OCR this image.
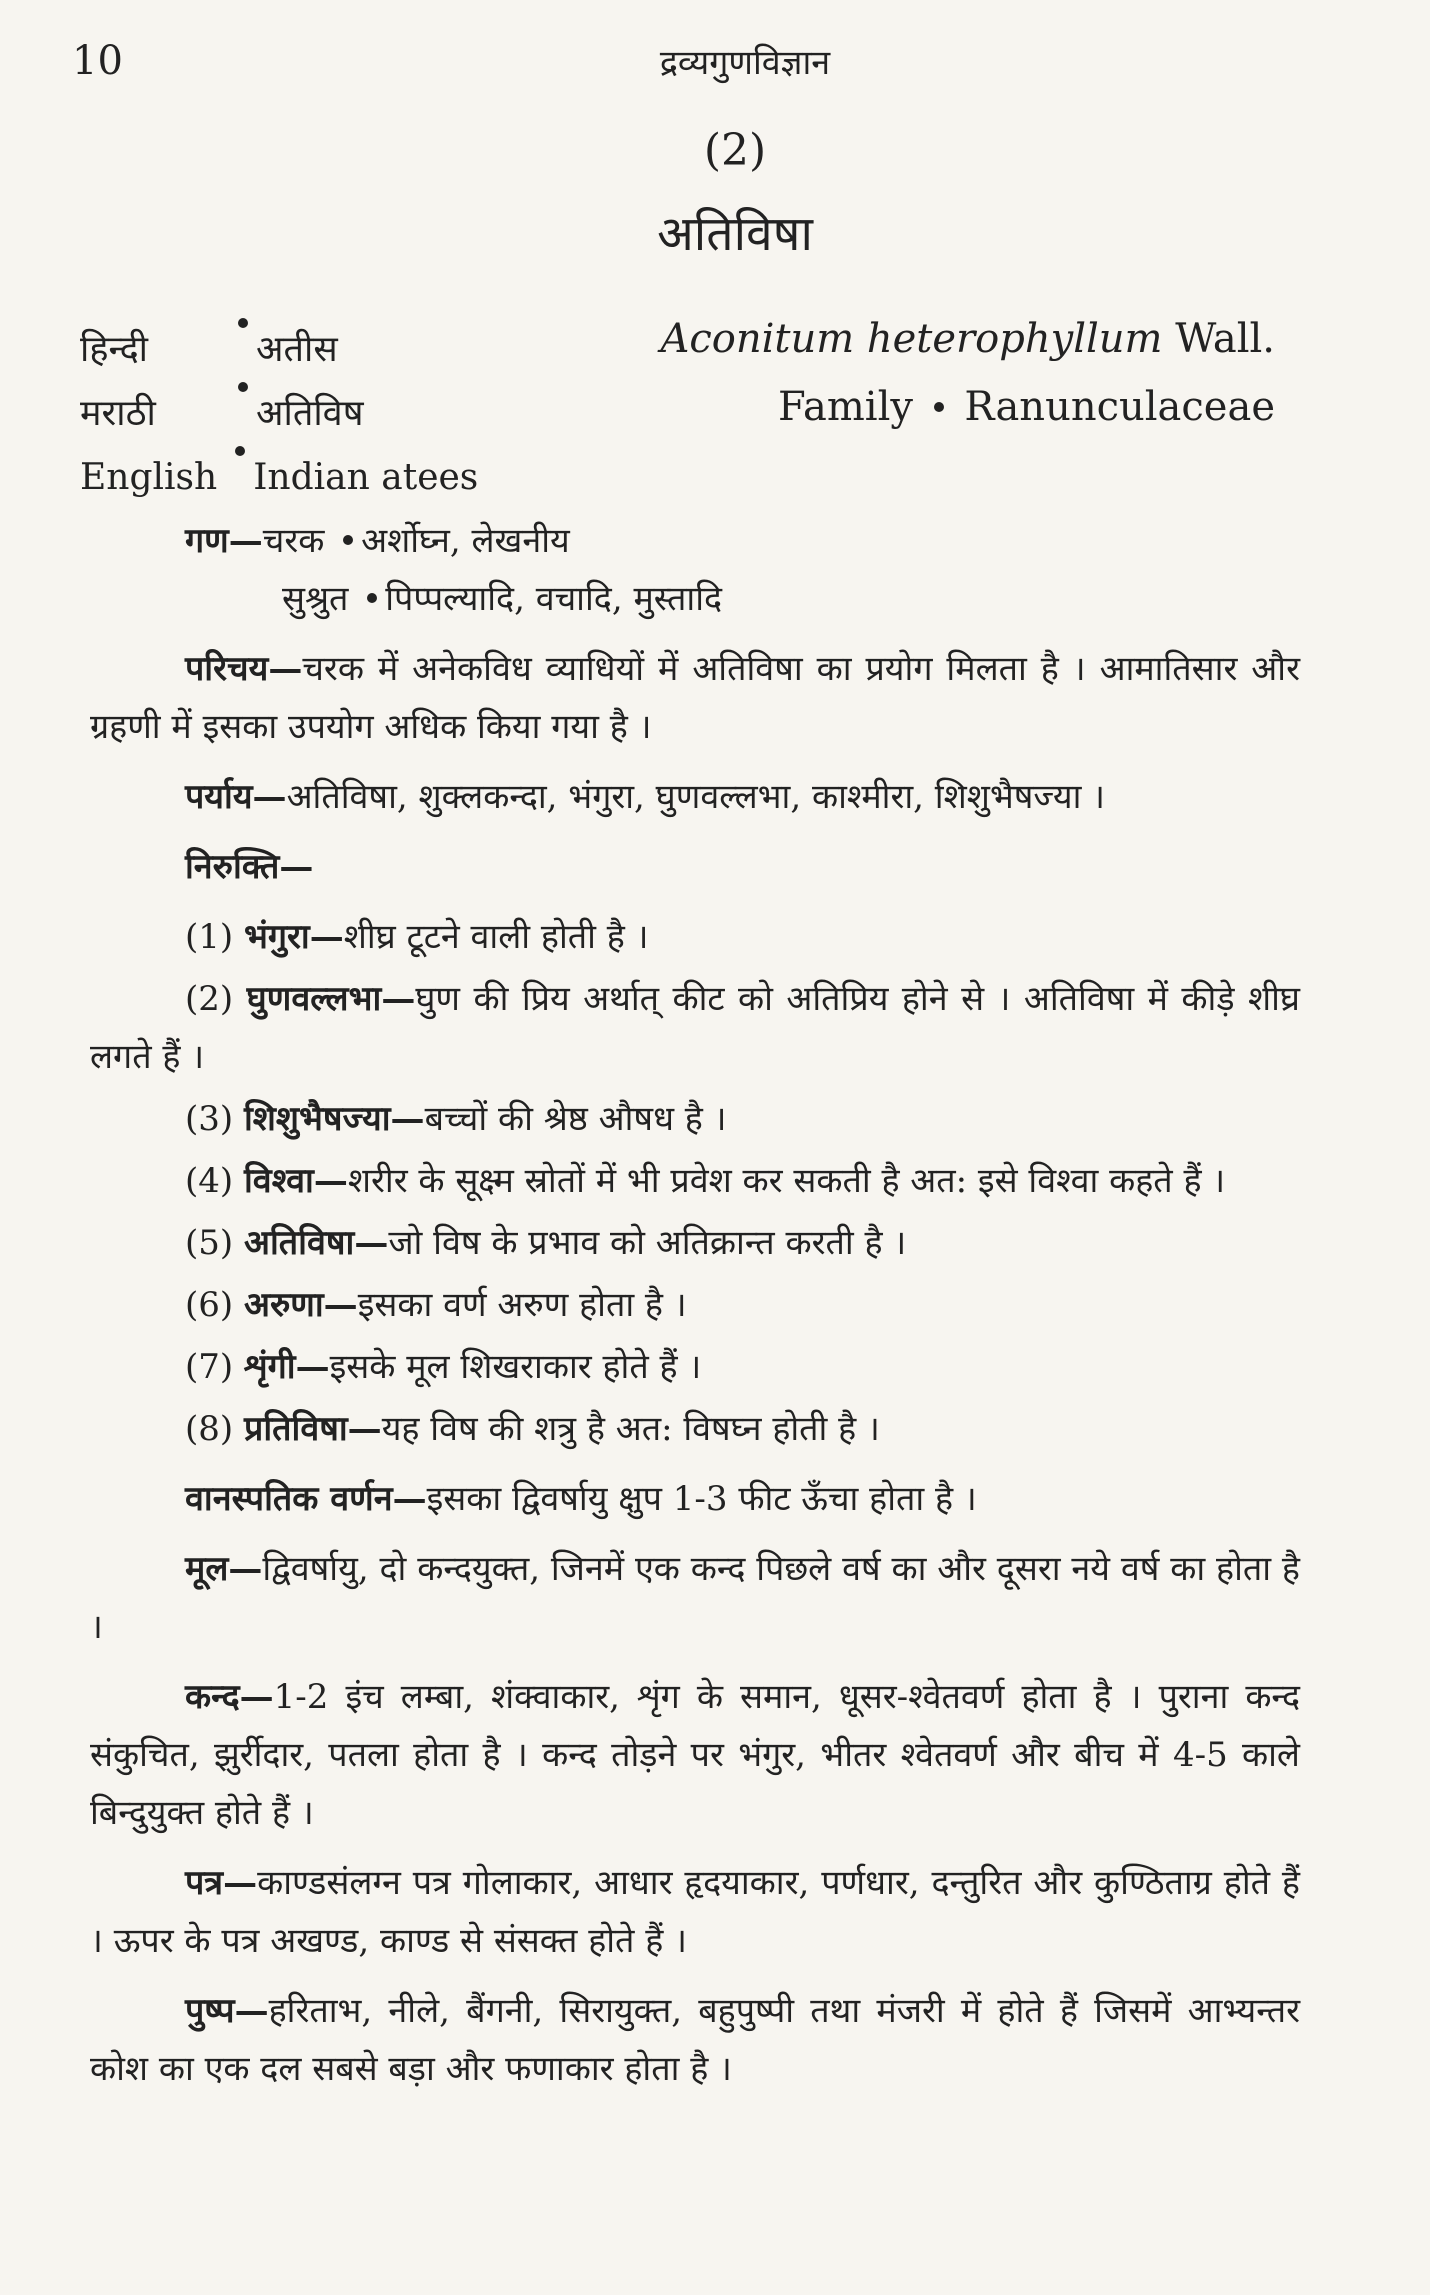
10	द्रव्यगुणविज्ञान
(2)
अतिविषा
हिन्दी	अतीस
मराठी	अतिविष
English Indian atees
Aconitum heterophyllum Wall.
Family Ranunculaceae

गण—चरक अर्शोघ्न, लेखनीय

सुश्रुत पिप्पल्यादि, वचादि, मुस्तादि

परिचय—चरक में अनेकविध व्याधियों में अतिविषा का प्रयोग मिलता है । आमातिसार और ग्रहणी में इसका उपयोग अधिक किया गया है ।

पर्याय—अतिविषा, शुक्लकन्दा, भंगुरा, घुणवल्लभा, काश्मीरा, शिशुभैषज्या ।

निरुक्ति—

(1) भंगुरा—शीघ्र टूटने वाली होती है ।

(2) घुणवल्लभा—घुण की प्रिय अर्थात् कीट को अतिप्रिय होने से । अतिविषा में कीड़े शीघ्र लगते हैं ।

(3) शिशुभैषज्या—बच्चों की श्रेष्ठ औषध है ।

(4) विश्वा—शरीर के सूक्ष्म स्रोतों में भी प्रवेश कर सकती है अत: इसे विश्वा कहते हैं ।

(5) अतिविषा—जो विष के प्रभाव को अतिक्रान्त करती है ।

(6) अरुणा—इसका वर्ण अरुण होता है ।

(7) शृंगी—इसके मूल शिखराकार होते हैं ।

(8) प्रतिविषा—यह विष की शत्रु है अत: विषघ्न होती है ।

वानस्पतिक वर्णन—इसका द्विवर्षायु क्षुप 1-3 फीट ऊँचा होता है ।

मूल—द्विवर्षायु, दो कन्दयुक्त, जिनमें एक कन्द पिछले वर्ष का और दूसरा नये वर्ष का होता है ।

कन्द—1-2 इंच लम्बा, शंक्वाकार, शृंग के समान, धूसर-श्वेतवर्ण होता है । पुराना कन्द संकुचित, झुर्रीदार, पतला होता है । कन्द तोड़ने पर भंगुर, भीतर श्वेतवर्ण और बीच में 4-5 काले बिन्दुयुक्त होते हैं ।

पत्र—काण्डसंलग्न पत्र गोलाकार, आधार हृदयाकार, पर्णधार, दन्तुरित और कुण्ठिताग्र होते हैं । ऊपर के पत्र अखण्ड, काण्ड से संसक्त होते हैं ।

पुष्प—हरिताभ, नीले, बैंगनी, सिरायुक्त, बहुपुष्पी तथा मंजरी में होते हैं जिसमें आभ्यन्तर कोश का एक दल सबसे बड़ा और फणाकार होता है ।
